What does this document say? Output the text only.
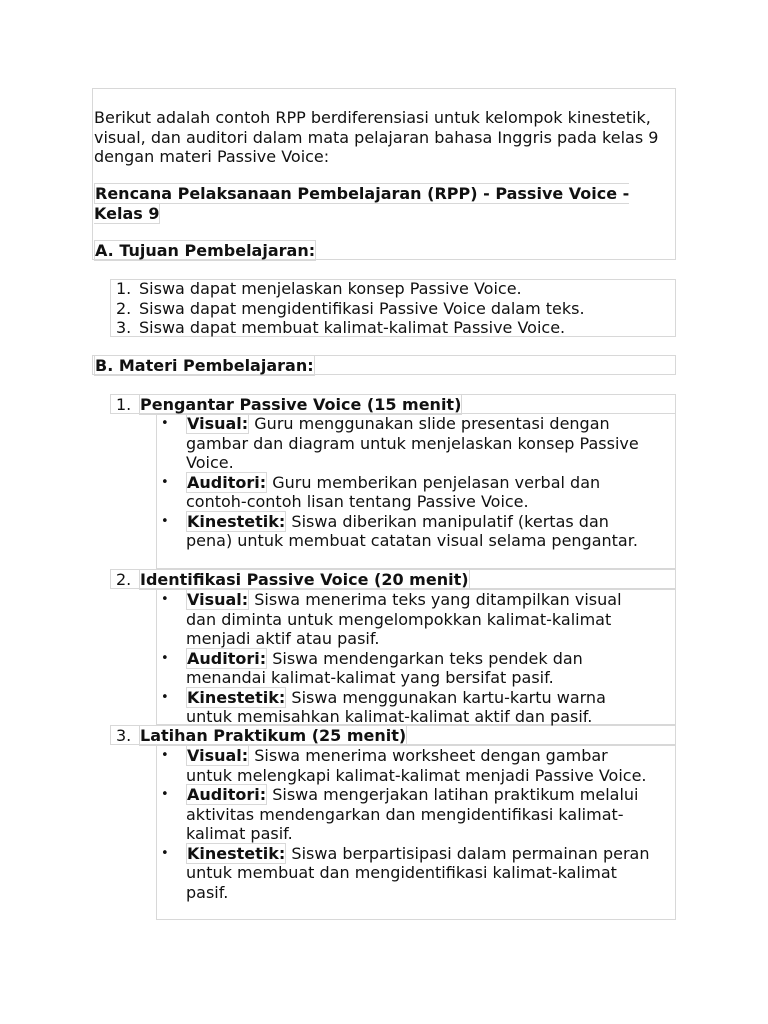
Berikut adalah contoh RPP berdiferensiasi untuk kelompok kinestetik, visual, dan auditori dalam mata pelajaran bahasa Inggris pada kelas 9 dengan materi Passive Voice:

Rencana Pelaksanaan Pembelajaran (RPP) - Passive Voice - Kelas 9

A. Tujuan Pembelajaran:

1. Siswa dapat menjelaskan konsep Passive Voice.
2. Siswa dapat mengidentifikasi Passive Voice dalam teks.
3. Siswa dapat membuat kalimat-kalimat Passive Voice.

B. Materi Pembelajaran:

1. Pengantar Passive Voice (15 menit)

• Visual: Guru menggunakan slide presentasi dengan gambar dan diagram untuk menjelaskan konsep Passive Voice.
• Auditori: Guru memberikan penjelasan verbal dan contoh-contoh lisan tentang Passive Voice.
• Kinestetik: Siswa diberikan manipulatif (kertas dan pena) untuk membuat catatan visual selama pengantar.

2. Identifikasi Passive Voice (20 menit)

• Visual: Siswa menerima teks yang ditampilkan visual dan diminta untuk mengelompokkan kalimat-kalimat menjadi aktif atau pasif.
• Auditori: Siswa mendengarkan teks pendek dan menandai kalimat-kalimat yang bersifat pasif.
• Kinestetik: Siswa menggunakan kartu-kartu warna untuk memisahkan kalimat-kalimat aktif dan pasif.

3. Latihan Praktikum (25 menit)

• Visual: Siswa menerima worksheet dengan gambar untuk melengkapi kalimat-kalimat menjadi Passive Voice.
• Auditori: Siswa mengerjakan latihan praktikum melalui aktivitas mendengarkan dan mengidentifikasi kalimat-kalimat pasif.
• Kinestetik: Siswa berpartisipasi dalam permainan peran untuk membuat dan mengidentifikasi kalimat-kalimat pasif.
